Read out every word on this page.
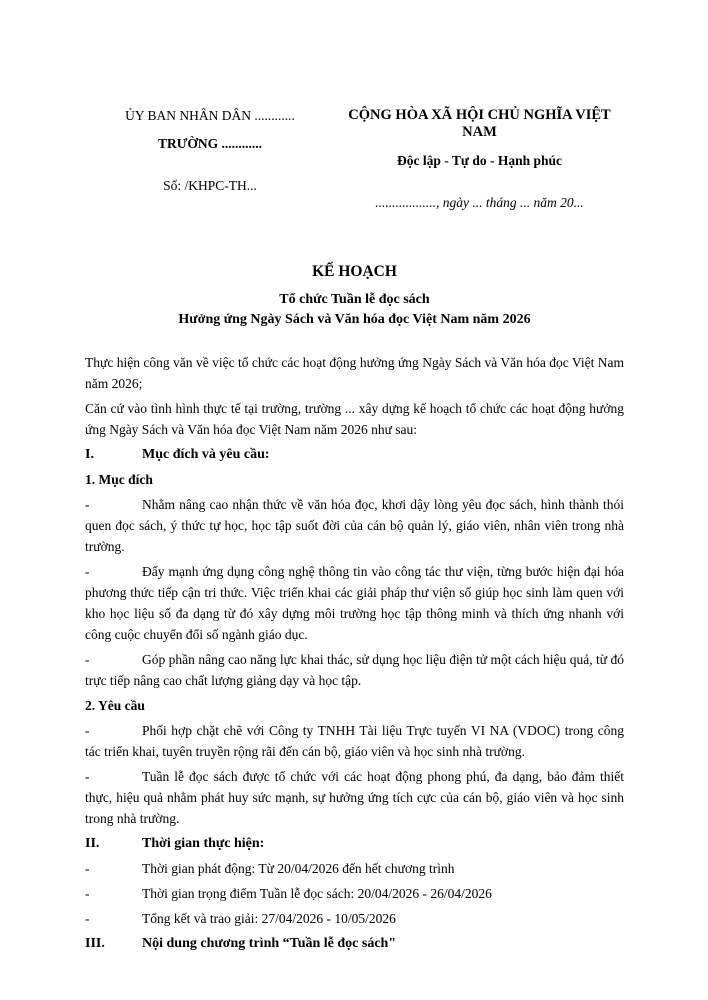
ỦY BAN NHÂN DÂN ............
TRƯỜNG ............
Số: /KHPC-TH...
CỘNG HÒA XÃ HỘI CHỦ NGHĨA VIỆT NAM
Độc lập - Tự do - Hạnh phúc
.................., ngày ... tháng ... năm 20...
KẾ HOẠCH
Tổ chức Tuần lễ đọc sách
Hưởng ứng Ngày Sách và Văn hóa đọc Việt Nam năm 2026

Thực hiện công văn về việc tổ chức các hoạt động hưởng ứng Ngày Sách và Văn hóa đọc Việt Nam năm 2026;

Căn cứ vào tình hình thực tế tại trường, trường ... xây dựng kế hoạch tổ chức các hoạt động hưởng ứng Ngày Sách và Văn hóa đọc Việt Nam năm 2026 như sau:

I.	Mục đích và yêu cầu:

1. Mục đích

-	Nhằm nâng cao nhận thức về văn hóa đọc, khơi dậy lòng yêu đọc sách, hình thành thói quen đọc sách, ý thức tự học, học tập suốt đời của cán bộ quản lý, giáo viên, nhân viên trong nhà trường.

-	Đẩy mạnh ứng dụng công nghệ thông tin vào công tác thư viện, từng bước hiện đại hóa phương thức tiếp cận tri thức. Việc triển khai các giải pháp thư viện số giúp học sinh làm quen với kho học liệu số đa dạng từ đó xây dựng môi trường học tập thông minh và thích ứng nhanh với công cuộc chuyển đổi số ngành giáo dục.

-	Góp phần nâng cao năng lực khai thác, sử dụng học liệu điện tử một cách hiệu quả, từ đó trực tiếp nâng cao chất lượng giảng dạy và học tập.

2. Yêu cầu

-	Phối hợp chặt chẽ với Công ty TNHH Tài liệu Trực tuyến VI NA (VDOC) trong công tác triển khai, tuyên truyền rộng rãi đến cán bộ, giáo viên và học sinh nhà trường.

-	Tuần lễ đọc sách được tổ chức với các hoạt động phong phú, đa dạng, bảo đảm thiết thực, hiệu quả nhằm phát huy sức mạnh, sự hưởng ứng tích cực của cán bộ, giáo viên và học sinh trong nhà trường.

II.	Thời gian thực hiện:

-	Thời gian phát động: Từ 20/04/2026 đến hết chương trình

-	Thời gian trọng điểm Tuần lễ đọc sách: 20/04/2026 - 26/04/2026

-	Tổng kết và trao giải: 27/04/2026 - 10/05/2026

III.	Nội dung chương trình “Tuần lễ đọc sách"
